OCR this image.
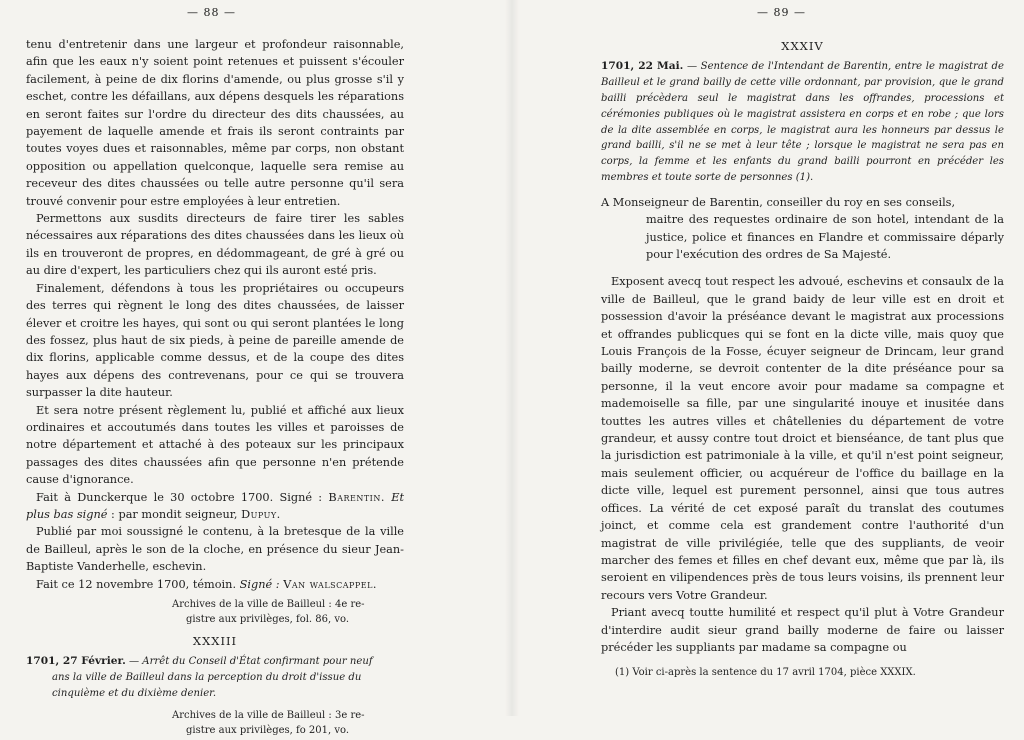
— 88 —

tenu d'entretenir dans une largeur et profondeur raisonnable, afin que les eaux n'y soient point retenues et puissent s'écouler facilement, à peine de dix florins d'amende, ou plus grosse s'il y eschet, contre les défaillans, aux dépens desquels les réparations en seront faites sur l'ordre du directeur des dits chaussées, au payement de laquelle amende et frais ils seront contraints par toutes voyes dues et raisonnables, même par corps, non obstant opposition ou appellation quelconque, laquelle sera remise au receveur des dites chaussées ou telle autre personne qu'il sera trouvé convenir pour estre employées à leur entretien.

Permettons aux susdits directeurs de faire tirer les sables nécessaires aux réparations des dites chaussées dans les lieux où ils en trouveront de propres, en dédommageant, de gré à gré ou au dire d'expert, les particuliers chez qui ils auront esté pris.

Finalement, défendons à tous les propriétaires ou occupeurs des terres qui règnent le long des dites chaussées, de laisser élever et croitre les hayes, qui sont ou qui seront plantées le long des fossez, plus haut de six pieds, à peine de pareille amende de dix florins, applicable comme dessus, et de la coupe des dites hayes aux dépens des contrevenans, pour ce qui se trouvera surpasser la dite hauteur.

Et sera notre présent règlement lu, publié et affiché aux lieux ordinaires et accoutumés dans toutes les villes et paroisses de notre département et attaché à des poteaux sur les principaux passages des dites chaussées afin que personne n'en prétende cause d'ignorance.

Fait à Dunckerque le 30 octobre 1700. Signé : Barentin. Et plus bas signé : par mondit seigneur, Dupuy.

Publié par moi soussigné le contenu, à la bretesque de la ville de Bailleul, après le son de la cloche, en présence du sieur Jean-Baptiste Vanderhelle, eschevin.

Fait ce 12 novembre 1700, témoin. Signé : Van walscappel.

Archives de la ville de Bailleul : 4e re-
gistre aux privilèges, fol. 86, vo.
XXXIII
1701, 27 Février. — Arrêt du Conseil d'État confirmant pour neuf
ans la ville de Bailleul dans la perception du droit d'issue du
cinquième et du dixième denier.
Archives de la ville de Bailleul : 3e re-
gistre aux privilèges, fo 201, vo.
— 89 —
XXXIV
1701, 22 Mai. — Sentence de l'Intendant de Barentin, entre le magistrat de Bailleul et le grand bailly de cette ville ordonnant, par provision, que le grand bailli précèdera seul le magistrat dans les offrandes, processions et cérémonies publiques où le magistrat assistera en corps et en robe ; que lors de la dite assemblée en corps, le magistrat aura les honneurs par dessus le grand bailli, s'il ne se met à leur tête ; lorsque le magistrat ne sera pas en corps, la femme et les enfants du grand bailli pourront en précéder les membres et toute sorte de personnes (1).
A Monseigneur de Barentin, conseiller du roy en ses conseils,
maitre des requestes ordinaire de son hotel, intendant de la justice, police et finances en Flandre et commissaire déparly pour l'exécution des ordres de Sa Majesté.

Exposent avecq tout respect les advoué, eschevins et consaulx de la ville de Bailleul, que le grand baidy de leur ville est en droit et possession d'avoir la préséance devant le magistrat aux processions et offrandes publicques qui se font en la dicte ville, mais quoy que Louis François de la Fosse, écuyer seigneur de Drincam, leur grand bailly moderne, se devroit contenter de la dite préséance pour sa personne, il la veut encore avoir pour madame sa compagne et mademoiselle sa fille, par une singularité inouye et inusitée dans touttes les autres villes et châtellenies du département de votre grandeur, et aussy contre tout droict et bienséance, de tant plus que la jurisdiction est patrimoniale à la ville, et qu'il n'est point seigneur, mais seulement officier, ou acquéreur de l'office du baillage en la dicte ville, lequel est purement personnel, ainsi que tous autres offices. La vérité de cet exposé paraît du translat des coutumes joinct, et comme cela est grandement contre l'authorité d'un magistrat de ville privilégiée, telle que des suppliants, de veoir marcher des femes et filles en chef devant eux, même que par là, ils seroient en vilipendences près de tous leurs voisins, ils prennent leur recours vers Votre Grandeur.

Priant avecq toutte humilité et respect qu'il plut à Votre Grandeur d'interdire audit sieur grand bailly moderne de faire ou laisser précéder les suppliants par madame sa compagne ou

(1) Voir ci-après la sentence du 17 avril 1704, pièce XXXIX.
